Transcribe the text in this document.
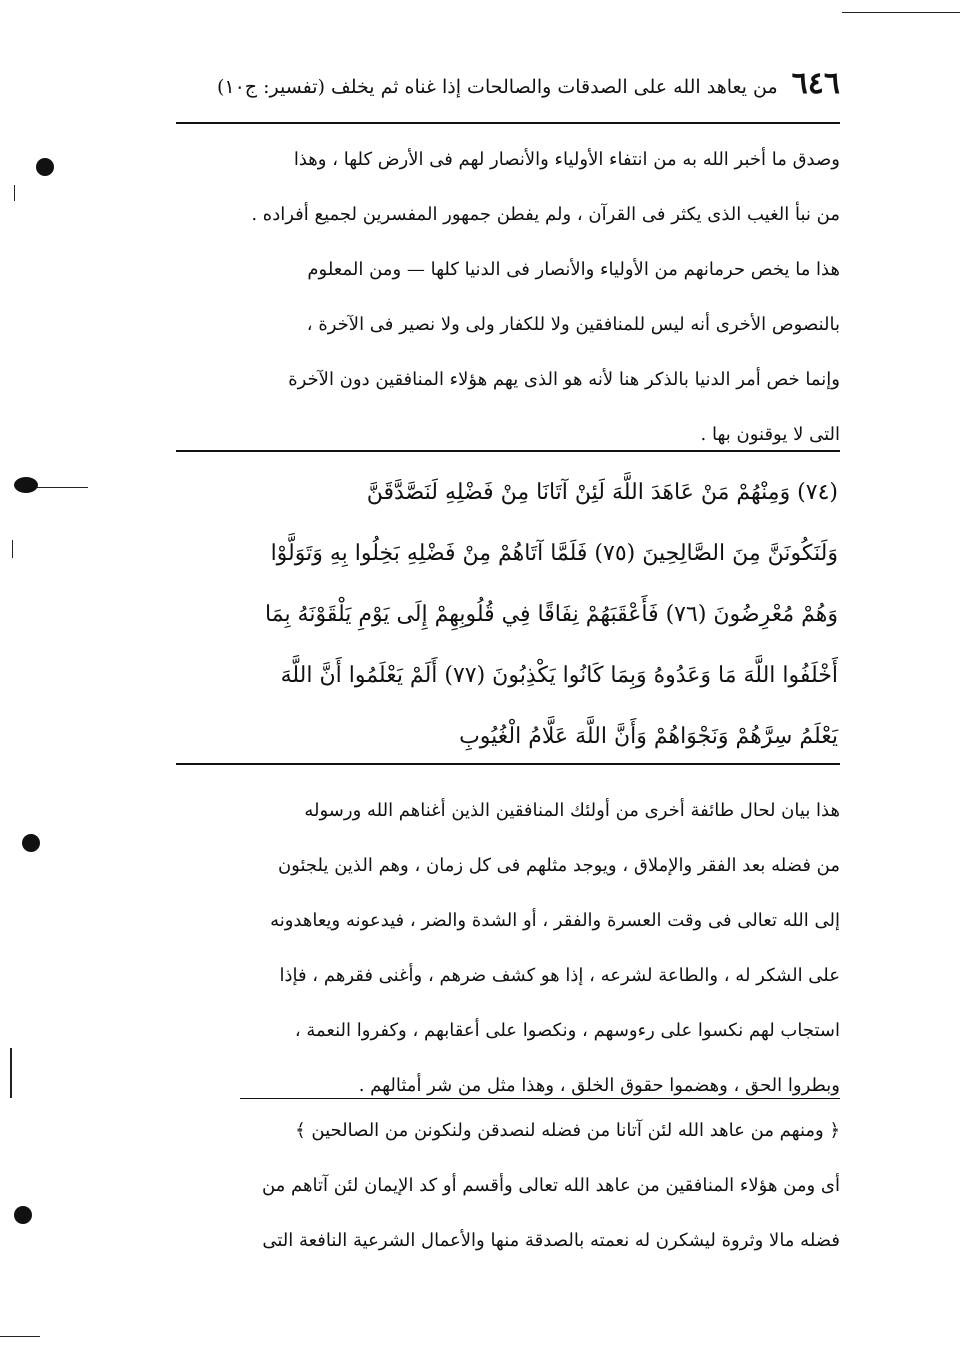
٦٤٦
من يعاهد الله على الصدقات والصالحات إذا غناه ثم يخلف (تفسير: ج١٠)

وصدق ما أخبر الله به من انتفاء الأولياء والأنصار لهم فى الأرض كلها ، وهذا

من نبأ الغيب الذى يكثر فى القرآن ، ولم يفطن جمهور المفسرين لجميع أفراده .

هذا ما يخص حرمانهم من الأولياء والأنصار فى الدنيا كلها — ومن المعلوم

بالنصوص الأخرى أنه ليس للمنافقين ولا للكفار ولى ولا نصير فى الآخرة ،

وإنما خص أمر الدنيا بالذكر هنا لأنه هو الذى يهم هؤلاء المنافقين دون الآخرة

التى لا يوقنون بها .

(٧٤) وَمِنْهُمْ مَنْ عَاهَدَ اللَّهَ لَئِنْ آتَانَا مِنْ فَضْلِهِ لَنَصَّدَّقَنَّ

وَلَنَكُونَنَّ مِنَ الصَّالِحِينَ (٧٥) فَلَمَّا آتَاهُمْ مِنْ فَضْلِهِ بَخِلُوا بِهِ وَتَوَلَّوْا

وَهُمْ مُعْرِضُونَ (٧٦) فَأَعْقَبَهُمْ نِفَاقًا فِي قُلُوبِهِمْ إِلَى يَوْمِ يَلْقَوْنَهُ بِمَا

أَخْلَفُوا اللَّهَ مَا وَعَدُوهُ وَبِمَا كَانُوا يَكْذِبُونَ (٧٧) أَلَمْ يَعْلَمُوا أَنَّ اللَّهَ

يَعْلَمُ سِرَّهُمْ وَنَجْوَاهُمْ وَأَنَّ اللَّهَ عَلَّامُ الْغُيُوبِ

هذا بيان لحال طائفة أخرى من أولئك المنافقين الذين أغناهم الله ورسوله

من فضله بعد الفقر والإملاق ، ويوجد مثلهم فى كل زمان ، وهم الذين يلجئون

إلى الله تعالى فى وقت العسرة والفقر ، أو الشدة والضر ، فيدعونه ويعاهدونه

على الشكر له ، والطاعة لشرعه ، إذا هو كشف ضرهم ، وأغنى فقرهم ، فإذا

استجاب لهم نكسوا على رءوسهم ، ونكصوا على أعقابهم ، وكفروا النعمة ،

وبطروا الحق ، وهضموا حقوق الخلق ، وهذا مثل من شر أمثالهم .

﴿ ومنهم من عاهد الله لئن آتانا من فضله لنصدقن ولنكونن من الصالحين ﴾

أى ومن هؤلاء المنافقين من عاهد الله تعالى وأقسم أو كد الإيمان لئن آتاهم من

فضله مالا وثروة ليشكرن له نعمته بالصدقة منها والأعمال الشرعية النافعة التى
